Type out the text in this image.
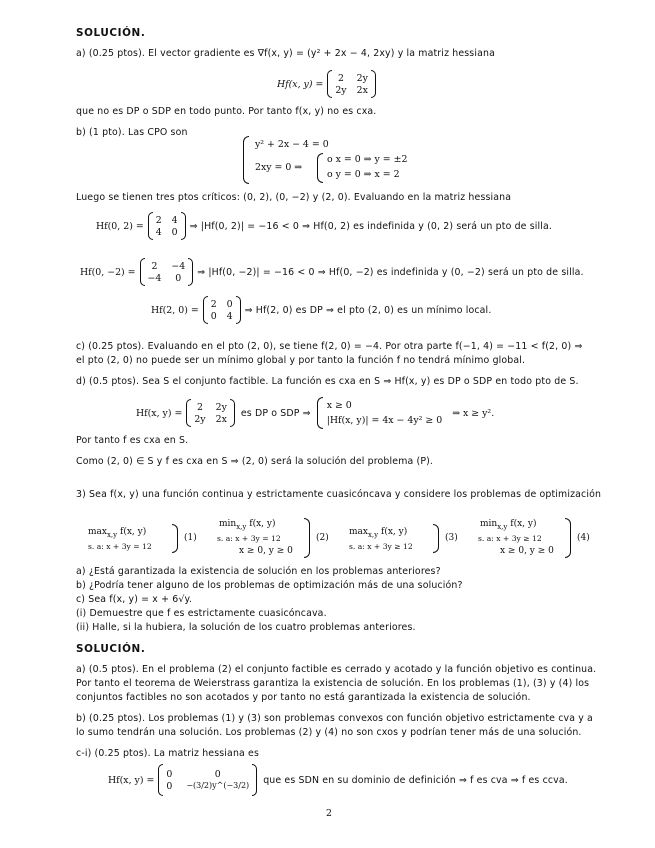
SOLUCIÓN.
a) (0.25 ptos). El vector gradiente es ∇f(x, y) = (y² + 2x − 4, 2xy) y la matriz hessiana
Hf(x, y) =
2 2y
2y 2x
que no es DP o SDP en todo punto. Por tanto f(x, y) no es cxa.
b) (1 pto). Las CPO son
y² + 2x − 4 = 0
2xy = 0 ⇒
o x = 0 ⇒ y = ±2
o y = 0 ⇒ x = 2
Luego se tienen tres ptos críticos: (0, 2), (0, −2) y (2, 0). Evaluando en la matriz hessiana
Hf(0, 2) =
2 4
4 0
⇒ |Hf(0, 2)| = −16 < 0 ⇒ Hf(0, 2) es indefinida y (0, 2) será un pto de silla.
Hf(0, −2) =
2	−4
−4	0
⇒ |Hf(0, −2)| = −16 < 0 ⇒ Hf(0, −2) es indefinida y (0, −2) será un pto de silla.
Hf(2, 0) =
2 0
0 4
⇒ Hf(2, 0) es DP ⇒ el pto (2, 0) es un mínimo local.
c) (0.25 ptos). Evaluando en el pto (2, 0), se tiene f(2, 0) = −4. Por otra parte f(−1, 4) = −11 < f(2, 0) ⇒
el pto (2, 0) no puede ser un mínimo global y por tanto la función f no tendrá mínimo global.
d) (0.5 ptos). Sea S el conjunto factible. La función es cxa en S ⇒ Hf(x, y) es DP o SDP en todo pto de S.
Hf(x, y) =
2 2y
2y 2x
es DP o SDP ⇒
x ≥ 0
|Hf(x, y)| = 4x − 4y² ≥ 0
⇒ x ≥ y².
Por tanto f es cxa en S.
Como (2, 0) ∈ S y f es cxa en S ⇒ (2, 0) será la solución del problema (P).
3) Sea f(x, y) una función continua y estrictamente cuasicóncava y considere los problemas de optimización
$\max_{x,y} f(x$, y)
s. a: x + 3y = 12
(1)
$\min_{x,y} f(x$, y)
s. a: x + 3y = 12
x ≥ 0, y ≥ 0
(2)
$\max_{x,y} f(x$, y)
s. a: x + 3y ≥ 12
(3)
$\min_{x,y} f(x$, y)
s. a: x + 3y ≥ 12
x ≥ 0, y ≥ 0
(4)
a) ¿Está garantizada la existencia de solución en los problemas anteriores?
b) ¿Podría tener alguno de los problemas de optimización más de una solución?
c) Sea f(x, y) = x + 6√y.
(i) Demuestre que f es estrictamente cuasicóncava.
(ii) Halle, si la hubiera, la solución de los cuatro problemas anteriores.
SOLUCIÓN.
a) (0.5 ptos). En el problema (2) el conjunto factible es cerrado y acotado y la función objetivo es continua.
Por tanto el teorema de Weierstrass garantiza la existencia de solución. En los problemas (1), (3) y (4) los
conjuntos factibles no son acotados y por tanto no está garantizada la existencia de solución.
b) (0.25 ptos). Los problemas (1) y (3) son problemas convexos con función objetivo estrictamente cva y a
lo sumo tendrán una solución. Los problemas (2) y (4) no son cxos y podrían tener más de una solución.
c-i) (0.25 ptos). La matriz hessiana es
Hf(x, y) =
0	0
0 −(3/2)y^(−3/2) que es SDN en su dominio de definición ⇒ f es cva ⇒ f es ccva.
2
